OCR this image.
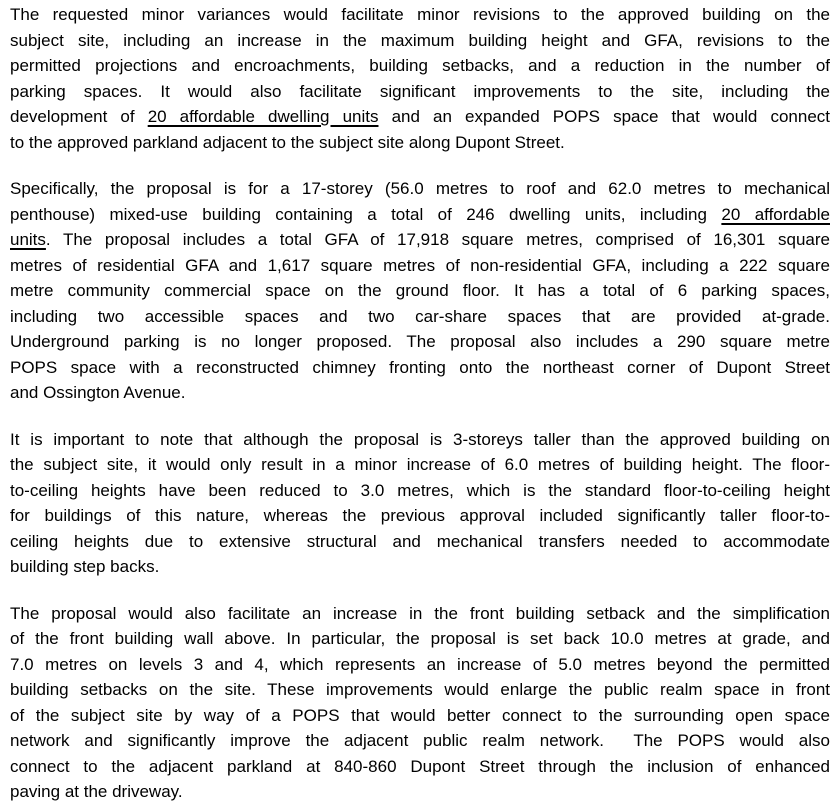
The requested minor variances would facilitate minor revisions to the approved building on the
subject site, including an increase in the maximum building height and GFA, revisions to the
permitted projections and encroachments, building setbacks, and a reduction in the number of
parking spaces. It would also facilitate significant improvements to the site, including the
development of 20 affordable dwelling units and an expanded POPS space that would connect
to the approved parkland adjacent to the subject site along Dupont Street.
Specifically, the proposal is for a 17-storey (56.0 metres to roof and 62.0 metres to mechanical
penthouse) mixed-use building containing a total of 246 dwelling units, including 20 affordable
units. The proposal includes a total GFA of 17,918 square metres, comprised of 16,301 square
metres of residential GFA and 1,617 square metres of non-residential GFA, including a 222 square
metre community commercial space on the ground floor. It has a total of 6 parking spaces,
including two accessible spaces and two car-share spaces that are provided at-grade.
Underground parking is no longer proposed. The proposal also includes a 290 square metre
POPS space with a reconstructed chimney fronting onto the northeast corner of Dupont Street
and Ossington Avenue.
It is important to note that although the proposal is 3-storeys taller than the approved building on
the subject site, it would only result in a minor increase of 6.0 metres of building height. The floor-
to-ceiling heights have been reduced to 3.0 metres, which is the standard floor-to-ceiling height
for buildings of this nature, whereas the previous approval included significantly taller floor-to-
ceiling heights due to extensive structural and mechanical transfers needed to accommodate
building step backs.
The proposal would also facilitate an increase in the front building setback and the simplification
of the front building wall above. In particular, the proposal is set back 10.0 metres at grade, and
7.0 metres on levels 3 and 4, which represents an increase of 5.0 metres beyond the permitted
building setbacks on the site. These improvements would enlarge the public realm space in front
of the subject site by way of a POPS that would better connect to the surrounding open space
network and significantly improve the adjacent public realm network.  The POPS would also
connect to the adjacent parkland at 840-860 Dupont Street through the inclusion of enhanced
paving at the driveway.
